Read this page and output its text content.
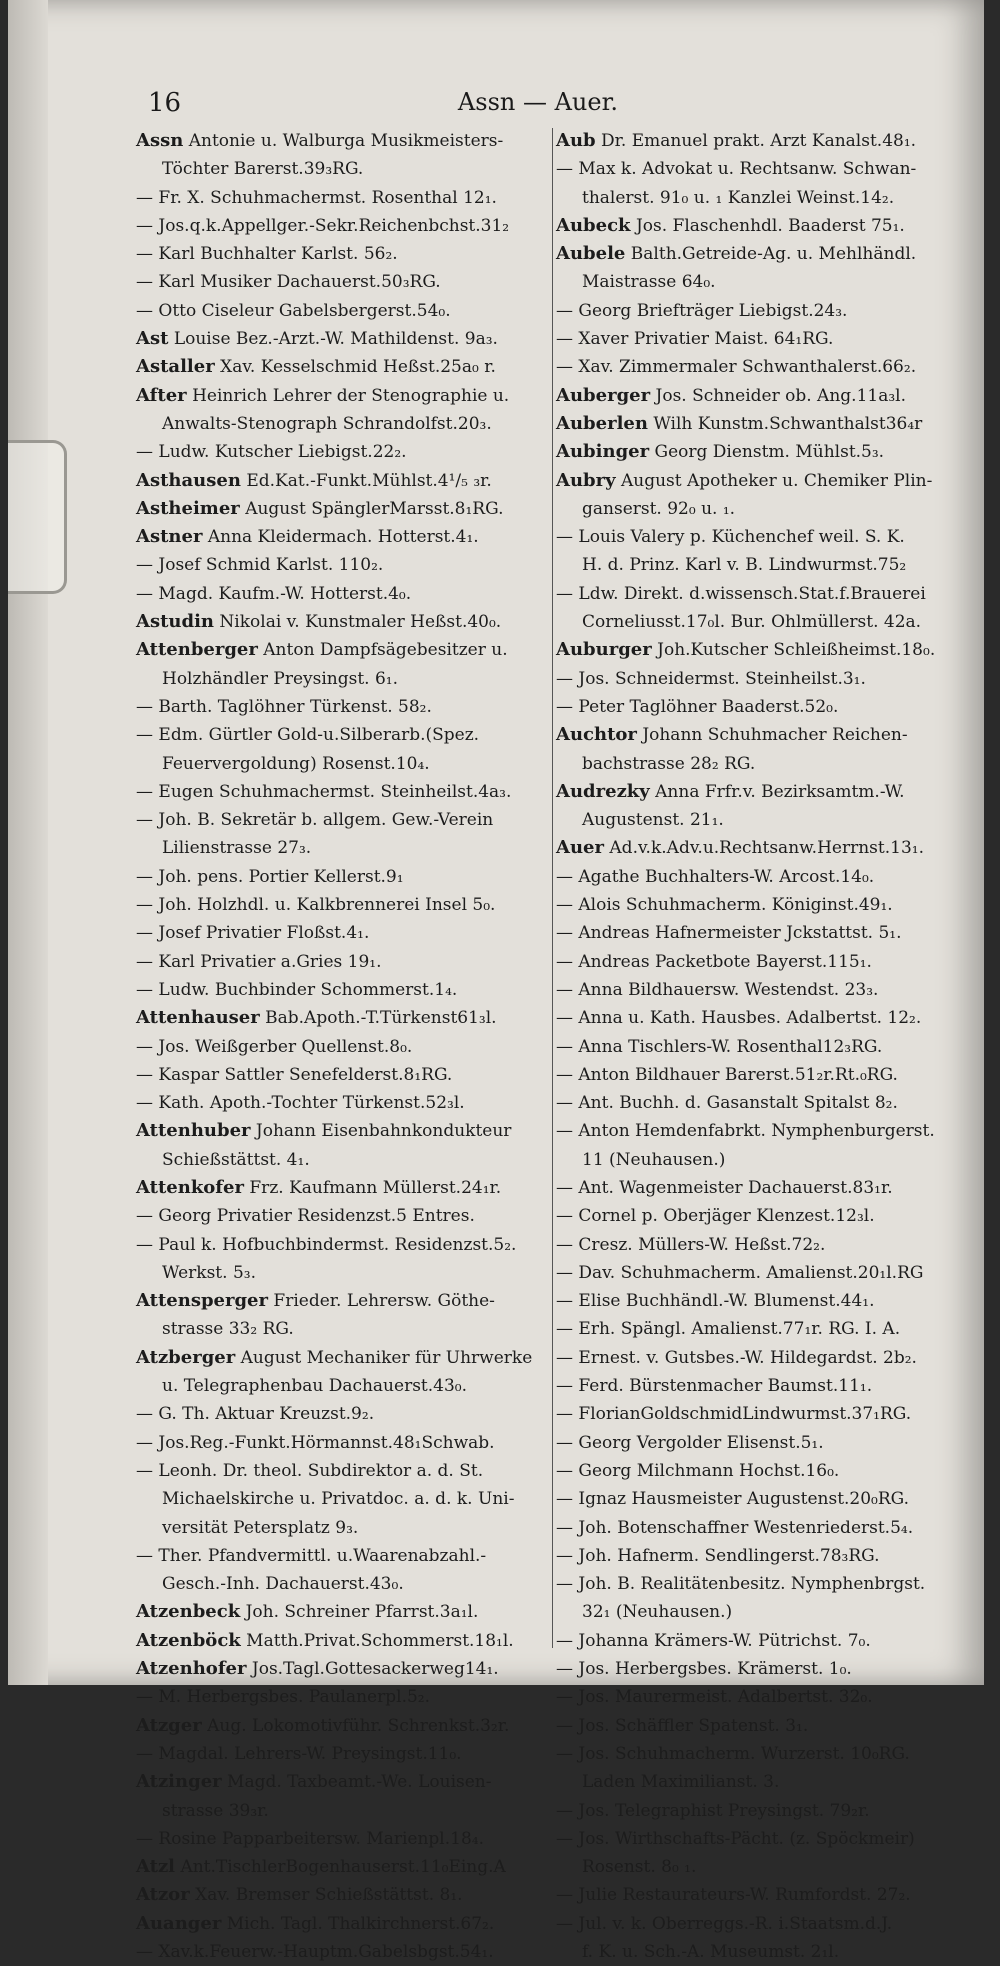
16	Assn — Auer.
Assn Antonie u. Walburga Musikmeisters-
Töchter Barerst.39₃RG.
— Fr. X. Schuhmachermst. Rosenthal 12₁.
— Jos.q.k.Appellger.-Sekr.Reichenbchst.31₂
— Karl Buchhalter Karlst. 56₂.
— Karl Musiker Dachauerst.50₃RG.
— Otto Ciseleur Gabelsbergerst.54₀.
Ast Louise Bez.-Arzt.-W. Mathildenst. 9a₃.
Astaller Xav. Kesselschmid Heßst.25a₀ r.
After Heinrich Lehrer der Stenographie u.
Anwalts-Stenograph Schrandolfst.20₃.
— Ludw. Kutscher Liebigst.22₂.
Asthausen Ed.Kat.-Funkt.Mühlst.4¹/₅ ₃r.
Astheimer August SpänglerMarsst.8₁RG.
Astner Anna Kleidermach. Hotterst.4₁.
— Josef Schmid Karlst. 110₂.
— Magd. Kaufm.-W. Hotterst.4₀.
Astudin Nikolai v. Kunstmaler Heßst.40₀.
Attenberger Anton Dampfsägebesitzer u.
Holzhändler Preysingst. 6₁.
— Barth. Taglöhner Türkenst. 58₂.
— Edm. Gürtler Gold-u.Silberarb.(Spez.
Feuervergoldung) Rosenst.10₄.
— Eugen Schuhmachermst. Steinheilst.4a₃.
— Joh. B. Sekretär b. allgem. Gew.-Verein
Lilienstrasse 27₃.
— Joh. pens. Portier Kellerst.9₁
— Joh. Holzhdl. u. Kalkbrennerei Insel 5₀.
— Josef Privatier Floßst.4₁.
— Karl Privatier a.Gries 19₁.
— Ludw. Buchbinder Schommerst.1₄.
Attenhauser Bab.Apoth.-T.Türkenst61₃l.
— Jos. Weißgerber Quellenst.8₀.
— Kaspar Sattler Senefelderst.8₁RG.
— Kath. Apoth.-Tochter Türkenst.52₃l.
Attenhuber Johann Eisenbahnkondukteur
Schießstättst. 4₁.
Attenkofer Frz. Kaufmann Müllerst.24₁r.
— Georg Privatier Residenzst.5 Entres.
— Paul k. Hofbuchbindermst. Residenzst.5₂.
Werkst. 5₃.
Attensperger Frieder. Lehrersw. Göthe-
strasse 33₂ RG.
Atzberger August Mechaniker für Uhrwerke
u. Telegraphenbau Dachauerst.43₀.
— G. Th. Aktuar Kreuzst.9₂.
— Jos.Reg.-Funkt.Hörmannst.48₁Schwab.
— Leonh. Dr. theol. Subdirektor a. d. St.
Michaelskirche u. Privatdoc. a. d. k. Uni-
versität Petersplatz 9₃.
— Ther. Pfandvermittl. u.Waarenabzahl.-
Gesch.-Inh. Dachauerst.43₀.
Atzenbeck Joh. Schreiner Pfarrst.3a₁l.
Atzenböck Matth.Privat.Schommerst.18₁l.
Atzenhofer Jos.Tagl.Gottesackerweg14₁.
— M. Herbergsbes. Paulanerpl.5₂.
Atzger Aug. Lokomotivführ. Schrenkst.3₂r.
— Magdal. Lehrers-W. Preysingst.11₀.
Atzinger Magd. Taxbeamt.-We. Louisen-
strasse 39₃r.
— Rosine Papparbeitersw. Marienpl.18₄.
Atzl Ant.TischlerBogenhauserst.11₀Eing.A
Atzor Xav. Bremser Schießstättst. 8₁.
Auanger Mich. Tagl. Thalkirchnerst.67₂.
— Xav.k.Feuerw.-Hauptm.Gabelsbgst.54₁.
Aub Dr. Emanuel prakt. Arzt Kanalst.48₁.
— Max k. Advokat u. Rechtsanw. Schwan-
thalerst. 91₀ u. ₁ Kanzlei Weinst.14₂.
Aubeck Jos. Flaschenhdl. Baaderst 75₁.
Aubele Balth.Getreide-Ag. u. Mehlhändl.
Maistrasse 64₀.
— Georg Briefträger Liebigst.24₃.
— Xaver Privatier Maist. 64₁RG.
— Xav. Zimmermaler Schwanthalerst.66₂.
Auberger Jos. Schneider ob. Ang.11a₃l.
Auberlen Wilh Kunstm.Schwanthalst36₄r
Aubinger Georg Dienstm. Mühlst.5₃.
Aubry August Apotheker u. Chemiker Plin-
ganserst. 92₀ u. ₁.
— Louis Valery p. Küchenchef weil. S. K.
H. d. Prinz. Karl v. B. Lindwurmst.75₂
— Ldw. Direkt. d.wissensch.Stat.f.Brauerei
Corneliusst.17₀l. Bur. Ohlmüllerst. 42a.
Auburger Joh.Kutscher Schleißheimst.18₀.
— Jos. Schneidermst. Steinheilst.3₁.
— Peter Taglöhner Baaderst.52₀.
Auchtor Johann Schuhmacher Reichen-
bachstrasse 28₂ RG.
Audrezky Anna Frfr.v. Bezirksamtm.-W.
Augustenst. 21₁.
Auer Ad.v.k.Adv.u.Rechtsanw.Herrnst.13₁.
— Agathe Buchhalters-W. Arcost.14₀.
— Alois Schuhmacherm. Königinst.49₁.
— Andreas Hafnermeister Jckstattst. 5₁.
— Andreas Packetbote Bayerst.115₁.
— Anna Bildhauersw. Westendst. 23₃.
— Anna u. Kath. Hausbes. Adalbertst. 12₂.
— Anna Tischlers-W. Rosenthal12₃RG.
— Anton Bildhauer Barerst.51₂r.Rt.₀RG.
— Ant. Buchh. d. Gasanstalt Spitalst 8₂.
— Anton Hemdenfabrkt. Nymphenburgerst.
11 (Neuhausen.)
— Ant. Wagenmeister Dachauerst.83₁r.
— Cornel p. Oberjäger Klenzest.12₃l.
— Cresz. Müllers-W. Heßst.72₂.
— Dav. Schuhmacherm. Amalienst.20₁l.RG
— Elise Buchhändl.-W. Blumenst.44₁.
— Erh. Spängl. Amalienst.77₁r. RG. I. A.
— Ernest. v. Gutsbes.-W. Hildegardst. 2b₂.
— Ferd. Bürstenmacher Baumst.11₁.
— FlorianGoldschmidLindwurmst.37₁RG.
— Georg Vergolder Elisenst.5₁.
— Georg Milchmann Hochst.16₀.
— Ignaz Hausmeister Augustenst.20₀RG.
— Joh. Botenschaffner Westenriederst.5₄.
— Joh. Hafnerm. Sendlingerst.78₃RG.
— Joh. B. Realitätenbesitz. Nymphenbrgst.
32₁ (Neuhausen.)
— Johanna Krämers-W. Pütrichst. 7₀.
— Jos. Herbergsbes. Krämerst. 1₀.
— Jos. Maurermeist. Adalbertst. 32₀.
— Jos. Schäffler Spatenst. 3₁.
— Jos. Schuhmacherm. Wurzerst. 10₀RG.
Laden Maximilianst. 3.
— Jos. Telegraphist Preysingst. 79₂r.
— Jos. Wirthschafts-Pächt. (z. Spöckmeir)
Rosenst. 8₀ ₁.
— Julie Restaurateurs-W. Rumfordst. 27₂.
— Jul. v. k. Oberreggs.-R. i.Staatsm.d.J.
f. K. u. Sch.-A. Museumst. 2₁l.
